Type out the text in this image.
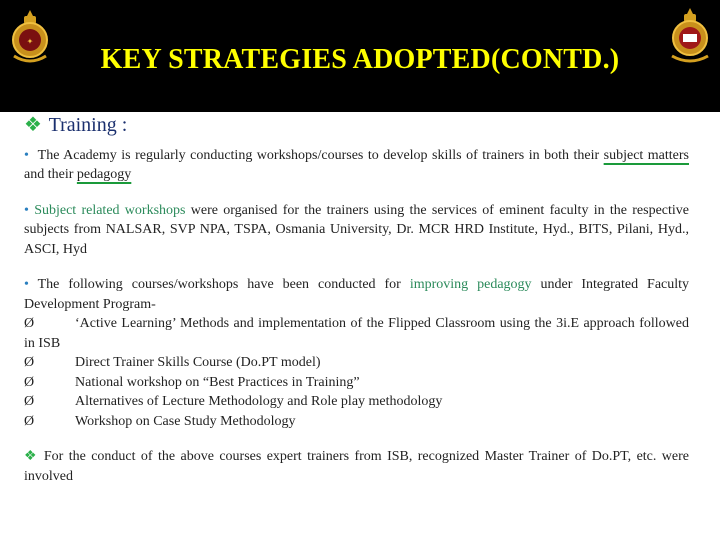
✦
KEY STRATEGIES ADOPTED(CONTD.)
❖ Training :

• The Academy is regularly conducting workshops/courses to develop skills of trainers in both their subject matters and their pedagogy

• Subject related workshops were organised for the trainers using the services of eminent faculty in the respective subjects from NALSAR, SVP NPA, TSPA, Osmania University, Dr. MCR HRD Institute, Hyd., BITS, Pilani, Hyd., ASCI, Hyd

• The following courses/workshops have been conducted for improving pedagogy under Integrated Faculty Development Program-

Ø	‘Active Learning’ Methods and implementation of the Flipped Classroom using the 3i.E approach followed in ISB

Ø	Direct Trainer Skills Course (Do.PT model)

Ø	National workshop on “Best Practices in Training”

Ø	Alternatives of Lecture Methodology and Role play methodology

Ø	Workshop on Case Study Methodology

❖ For the conduct of the above courses expert trainers from ISB, recognized Master Trainer of Do.PT, etc. were involved
